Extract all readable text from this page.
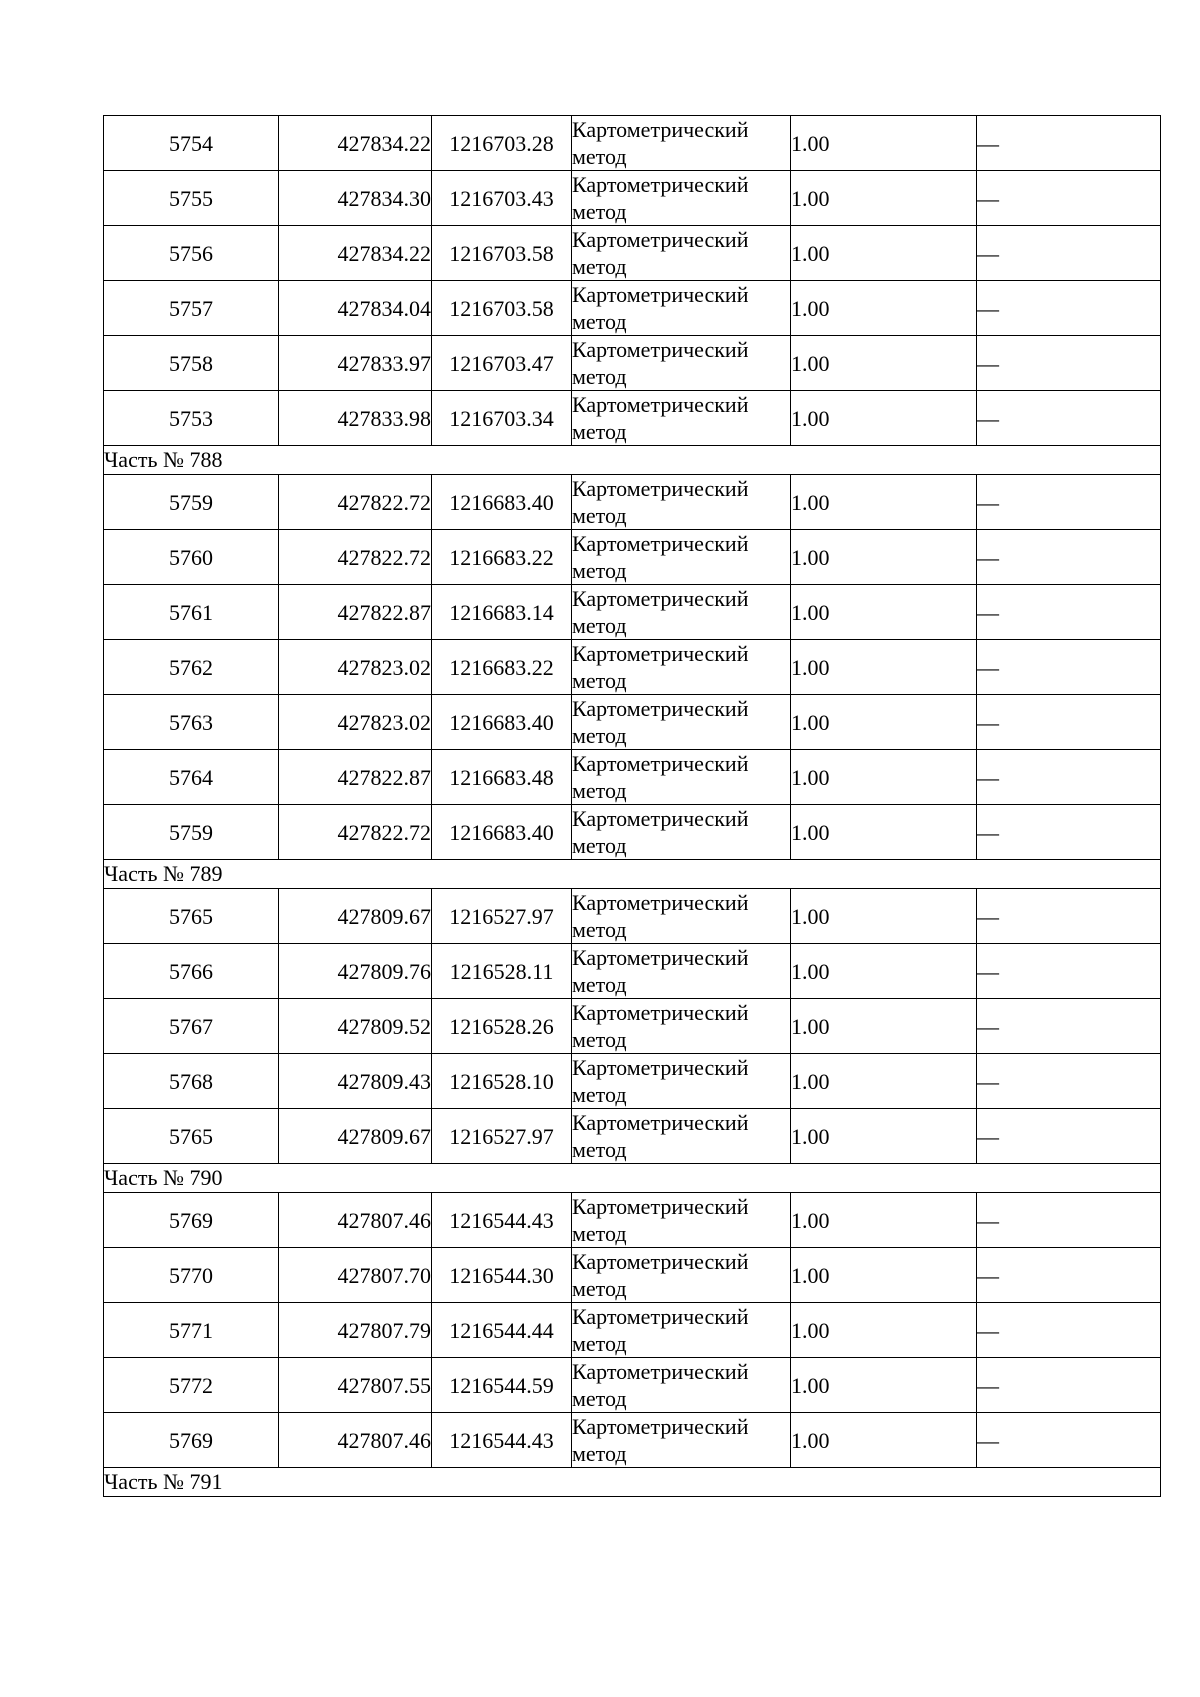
5754	427834.22	1216703.28	Картометрический метод	1.00	—
5755	427834.30	1216703.43	Картометрический метод	1.00	—
5756	427834.22	1216703.58	Картометрический метод	1.00	—
5757	427834.04	1216703.58	Картометрический метод	1.00	—
5758	427833.97	1216703.47	Картометрический метод	1.00	—
5753	427833.98	1216703.34	Картометрический метод	1.00	—
Часть № 788					
5759	427822.72	1216683.40	Картометрический метод	1.00	—
5760	427822.72	1216683.22	Картометрический метод	1.00	—
5761	427822.87	1216683.14	Картометрический метод	1.00	—
5762	427823.02	1216683.22	Картометрический метод	1.00	—
5763	427823.02	1216683.40	Картометрический метод	1.00	—
5764	427822.87	1216683.48	Картометрический метод	1.00	—
5759	427822.72	1216683.40	Картометрический метод	1.00	—
Часть № 789					
5765	427809.67	1216527.97	Картометрический метод	1.00	—
5766	427809.76	1216528.11	Картометрический метод	1.00	—
5767	427809.52	1216528.26	Картометрический метод	1.00	—
5768	427809.43	1216528.10	Картометрический метод	1.00	—
5765	427809.67	1216527.97	Картометрический метод	1.00	—
Часть № 790					
5769	427807.46	1216544.43	Картометрический метод	1.00	—
5770	427807.70	1216544.30	Картометрический метод	1.00	—
5771	427807.79	1216544.44	Картометрический метод	1.00	—
5772	427807.55	1216544.59	Картометрический метод	1.00	—
5769	427807.46	1216544.43	Картометрический метод	1.00	—
Часть № 791					
